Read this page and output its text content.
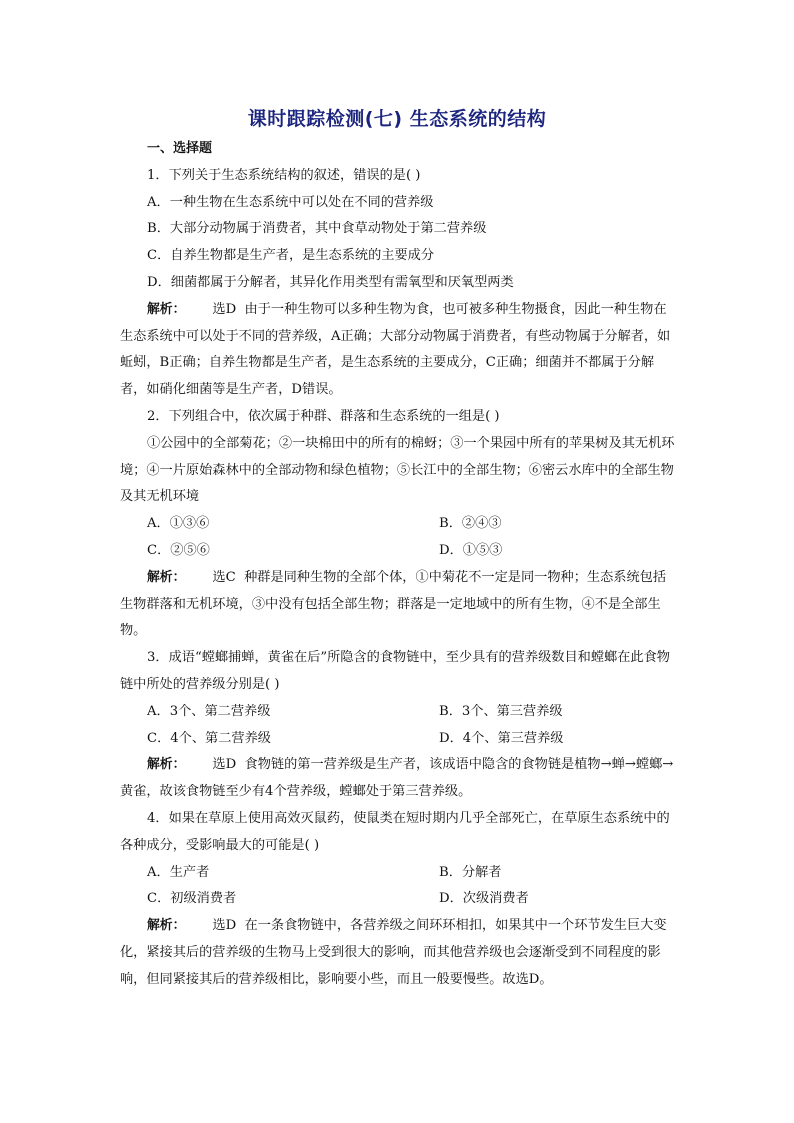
课时跟踪检测(七) 生态系统的结构

一、选择题

1．下列关于生态系统结构的叙述，错误的是( )

A．一种生物在生态系统中可以处在不同的营养级

B．大部分动物属于消费者，其中食草动物处于第二营养级

C．自养生物都是生产者，是生态系统的主要成分

D．细菌都属于分解者，其异化作用类型有需氧型和厌氧型两类

解析： 选D 由于一种生物可以多种生物为食，也可被多种生物摄食，因此一种生物在生态系统中可以处于不同的营养级，A正确；大部分动物属于消费者，有些动物属于分解者，如蚯蚓，B正确；自养生物都是生产者，是生态系统的主要成分，C正确；细菌并不都属于分解者，如硝化细菌等是生产者，D错误。

2．下列组合中，依次属于种群、群落和生态系统的一组是( )

①公园中的全部菊花；②一块棉田中的所有的棉蚜；③一个果园中所有的苹果树及其无机环境；④一片原始森林中的全部动物和绿色植物；⑤长江中的全部生物；⑥密云水库中的全部生物及其无机环境

A．①③⑥	B．②④③
C．②⑤⑥	D．①⑤③

解析： 选C 种群是同种生物的全部个体，①中菊花不一定是同一物种；生态系统包括生物群落和无机环境，③中没有包括全部生物；群落是一定地域中的所有生物，④不是全部生物。

3．成语“螳螂捕蝉，黄雀在后”所隐含的食物链中，至少具有的营养级数目和螳螂在此食物链中所处的营养级分别是( )

A．3个、第二营养级	B．3个、第三营养级
C．4个、第二营养级	D．4个、第三营养级

解析： 选D 食物链的第一营养级是生产者，该成语中隐含的食物链是植物→蝉→螳螂→黄雀，故该食物链至少有4个营养级，螳螂处于第三营养级。

4．如果在草原上使用高效灭鼠药，使鼠类在短时期内几乎全部死亡，在草原生态系统中的各种成分，受影响最大的可能是( )

A．生产者	B．分解者
C．初级消费者	D．次级消费者

解析： 选D 在一条食物链中，各营养级之间环环相扣，如果其中一个环节发生巨大变化，紧接其后的营养级的生物马上受到很大的影响，而其他营养级也会逐渐受到不同程度的影响，但同紧接其后的营养级相比，影响要小些，而且一般要慢些。故选D。
